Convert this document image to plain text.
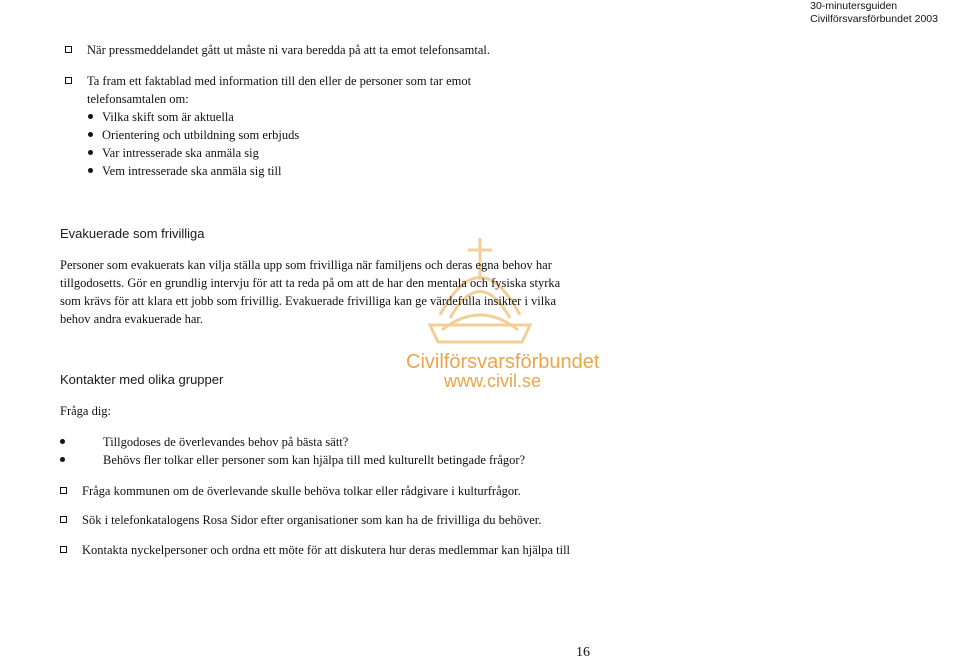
30-minutersguiden
Civilförsvarsförbundet 2003
Civilförsvarsförbundet
www.civil.se
När pressmeddelandet gått ut måste ni vara beredda på att ta emot telefonsamtal.
Ta fram ett faktablad med information till den eller de personer som tar emot
telefonsamtalen om:
Vilka skift som är aktuella
Orientering och utbildning som erbjuds
Var intresserade ska anmäla sig
Vem intresserade ska anmäla sig till
Evakuerade som frivilliga
Personer som evakuerats kan vilja ställa upp som frivilliga när familjens och deras egna behov har
tillgodosetts. Gör en grundlig intervju för att ta reda på om att de har den mentala och fysiska styrka
som krävs för att klara ett jobb som frivillig. Evakuerade frivilliga kan ge värdefulla insikter i vilka
behov andra evakuerade har.
Kontakter med olika grupper
Fråga dig:
Tillgodoses de överlevandes behov på bästa sätt?
Behövs fler tolkar eller personer som kan hjälpa till med kulturellt betingade frågor?
Fråga kommunen om de överlevande skulle behöva tolkar eller rådgivare i kulturfrågor.
Sök i telefonkatalogens Rosa Sidor efter organisationer som kan ha de frivilliga du behöver.
Kontakta nyckelpersoner och ordna ett möte för att diskutera hur deras medlemmar kan hjälpa till
16
